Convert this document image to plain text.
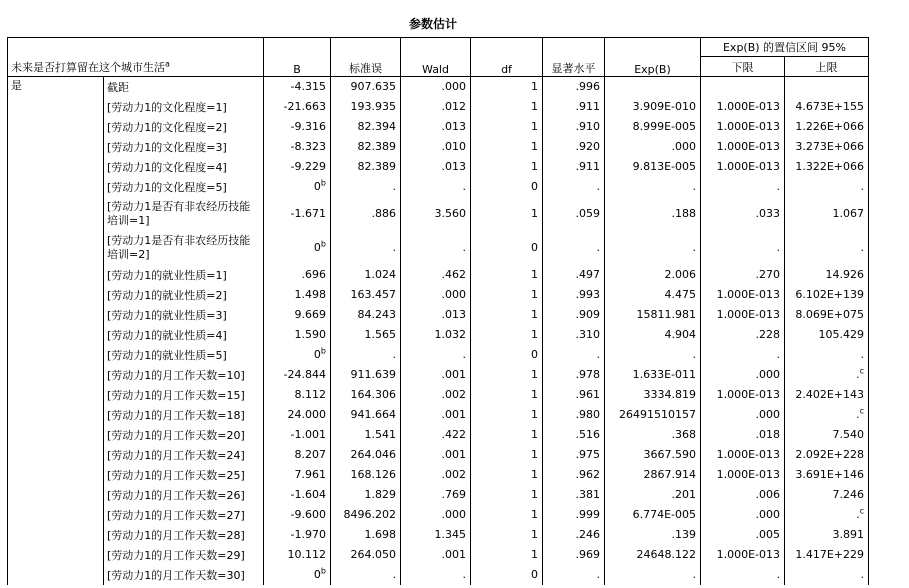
参数估计
未来是否打算留在这个城市生活$^a$		B	标准误	Wald	df	显著水平	Exp(B)	Exp(B) 的置信区间 95%	
								下限	上限
是	截距	-4.315	907.635	.000	1	.996			
	[劳动力1的文化程度=1]	-21.663	193.935	.012	1	.911	3.909E-010	1.000E-013	4.673E+155
	[劳动力1的文化程度=2]	-9.316	82.394	.013	1	.910	8.999E-005	1.000E-013	1.226E+066
	[劳动力1的文化程度=3]	-8.323	82.389	.010	1	.920	.000	1.000E-013	3.273E+066
	[劳动力1的文化程度=4]	-9.229	82.389	.013	1	.911	9.813E-005	1.000E-013	1.322E+066
	[劳动力1的文化程度=5]	0$^b$	.	.	0	.	.	.	.
	[劳动力1是否有非农经历技能培训=1]	-1.671	.886	3.560	1	.059	.188	.033	1.067
	[劳动力1是否有非农经历技能培训=2]	0$^b$	.	.	0	.	.	.	.
	[劳动力1的就业性质=1]	.696	1.024	.462	1	.497	2.006	.270	14.926
	[劳动力1的就业性质=2]	1.498	163.457	.000	1	.993	4.475	1.000E-013	6.102E+139
	[劳动力1的就业性质=3]	9.669	84.243	.013	1	.909	15811.981	1.000E-013	8.069E+075
	[劳动力1的就业性质=4]	1.590	1.565	1.032	1	.310	4.904	.228	105.429
	[劳动力1的就业性质=5]	0$^b$	.	.	0	.	.	.	.
	[劳动力1的月工作天数=10]	-24.844	911.639	.001	1	.978	1.633E-011	.000	.$^c$
	[劳动力1的月工作天数=15]	8.112	164.306	.002	1	.961	3334.819	1.000E-013	2.402E+143
	[劳动力1的月工作天数=18]	24.000	941.664	.001	1	.980	26491510157	.000	.$^c$
	[劳动力1的月工作天数=20]	-1.001	1.541	.422	1	.516	.368	.018	7.540
	[劳动力1的月工作天数=24]	8.207	264.046	.001	1	.975	3667.590	1.000E-013	2.092E+228
	[劳动力1的月工作天数=25]	7.961	168.126	.002	1	.962	2867.914	1.000E-013	3.691E+146
	[劳动力1的月工作天数=26]	-1.604	1.829	.769	1	.381	.201	.006	7.246
	[劳动力1的月工作天数=27]	-9.600	8496.202	.000	1	.999	6.774E-005	.000	.$^c$
	[劳动力1的月工作天数=28]	-1.970	1.698	1.345	1	.246	.139	.005	3.891
	[劳动力1的月工作天数=29]	10.112	264.050	.001	1	.969	24648.122	1.000E-013	1.417E+229
	[劳动力1的月工作天数=30]	0$^b$	.	.	0	.	.	.	.
